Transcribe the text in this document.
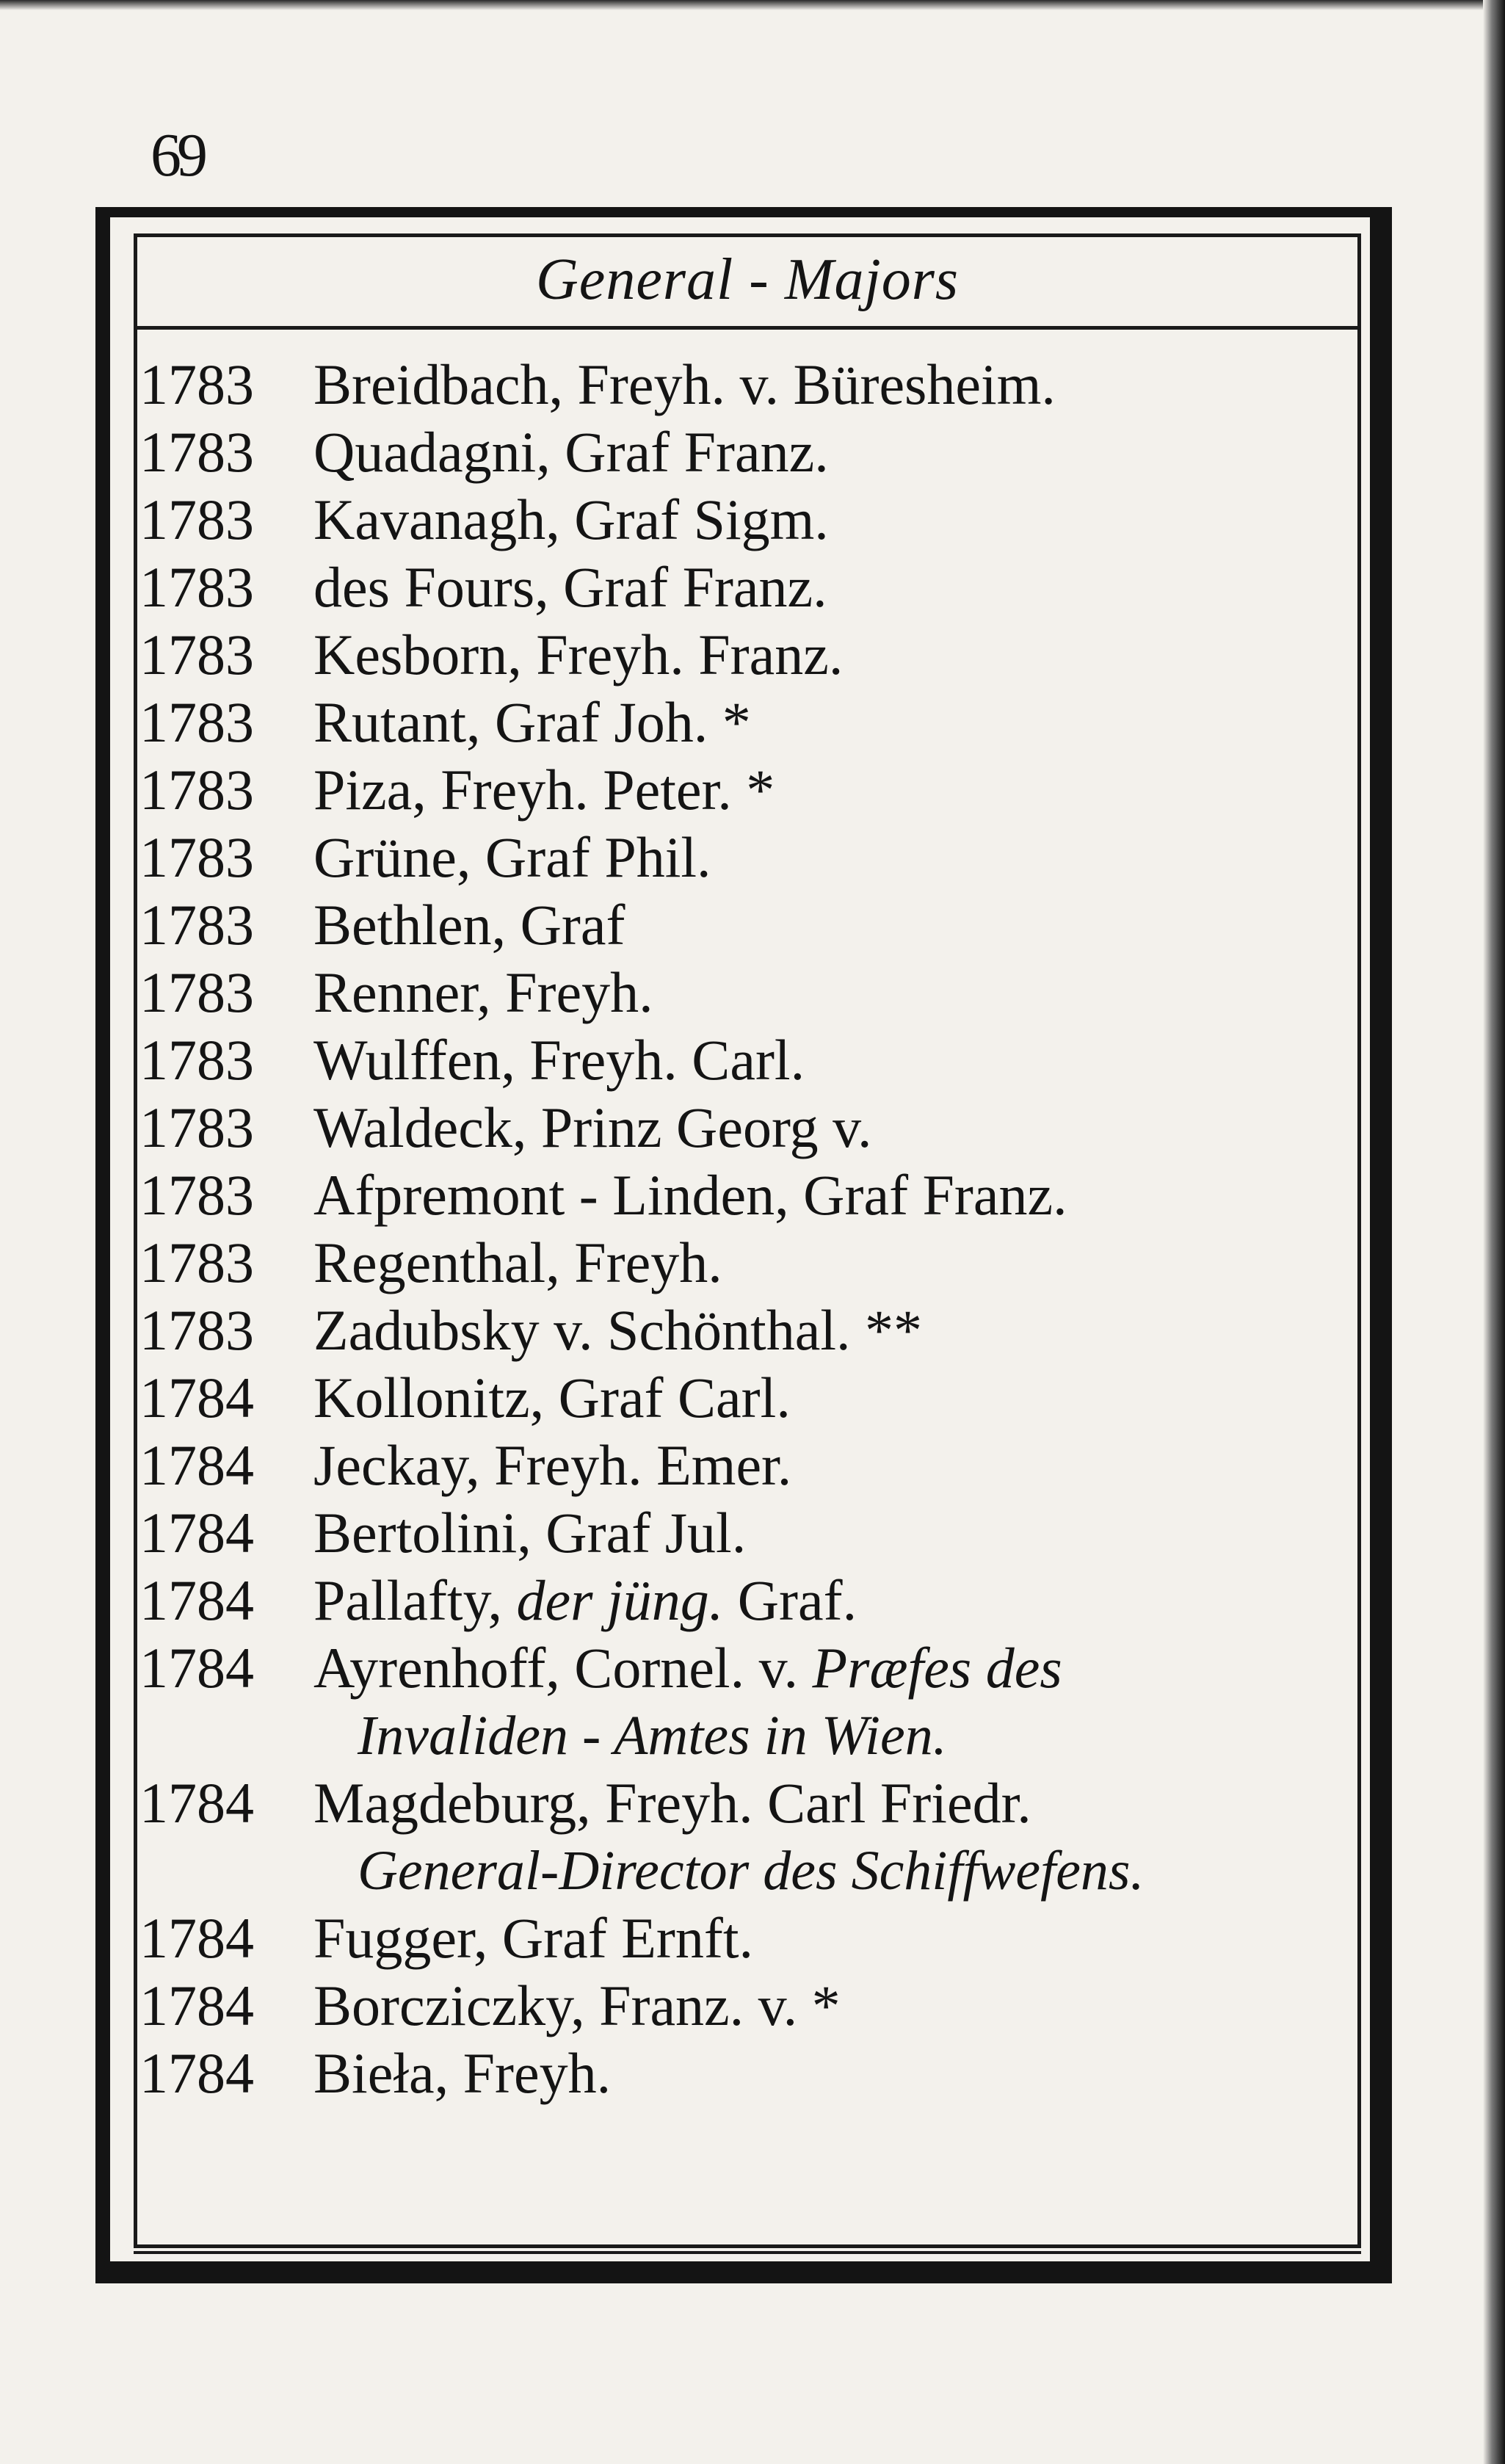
69
General - Majors
1783 Breidbach, Freyh. v. Büresheim.
1783 Quadagni, Graf Franz.
1783 Kavanagh, Graf Sigm.
1783 des Fours, Graf Franz.
1783 Kesborn, Freyh. Franz.
1783 Rutant, Graf Joh. *
1783 Piza, Freyh. Peter. *
1783 Grüne, Graf Phil.
1783 Bethlen, Graf
1783 Renner, Freyh.
1783 Wulffen, Freyh. Carl.
1783 Waldeck, Prinz Georg v.
1783 Afpremont - Linden, Graf Franz.
1783 Regenthal, Freyh.
1783 Zadubsky v. Schönthal. **
1784 Kollonitz, Graf Carl.
1784 Jeckay, Freyh. Emer.
1784 Bertolini, Graf Jul.
1784 Pallafty, der jüng. Graf.
1784 Ayrenhoff, Cornel. v. Præfes des
Invaliden - Amtes in Wien.
1784 Magdeburg, Freyh. Carl Friedr.
General-Director des Schiffwefens.
1784 Fugger, Graf Ernft.
1784 Borcziczky, Franz. v. *
1784 Bieła, Freyh.
